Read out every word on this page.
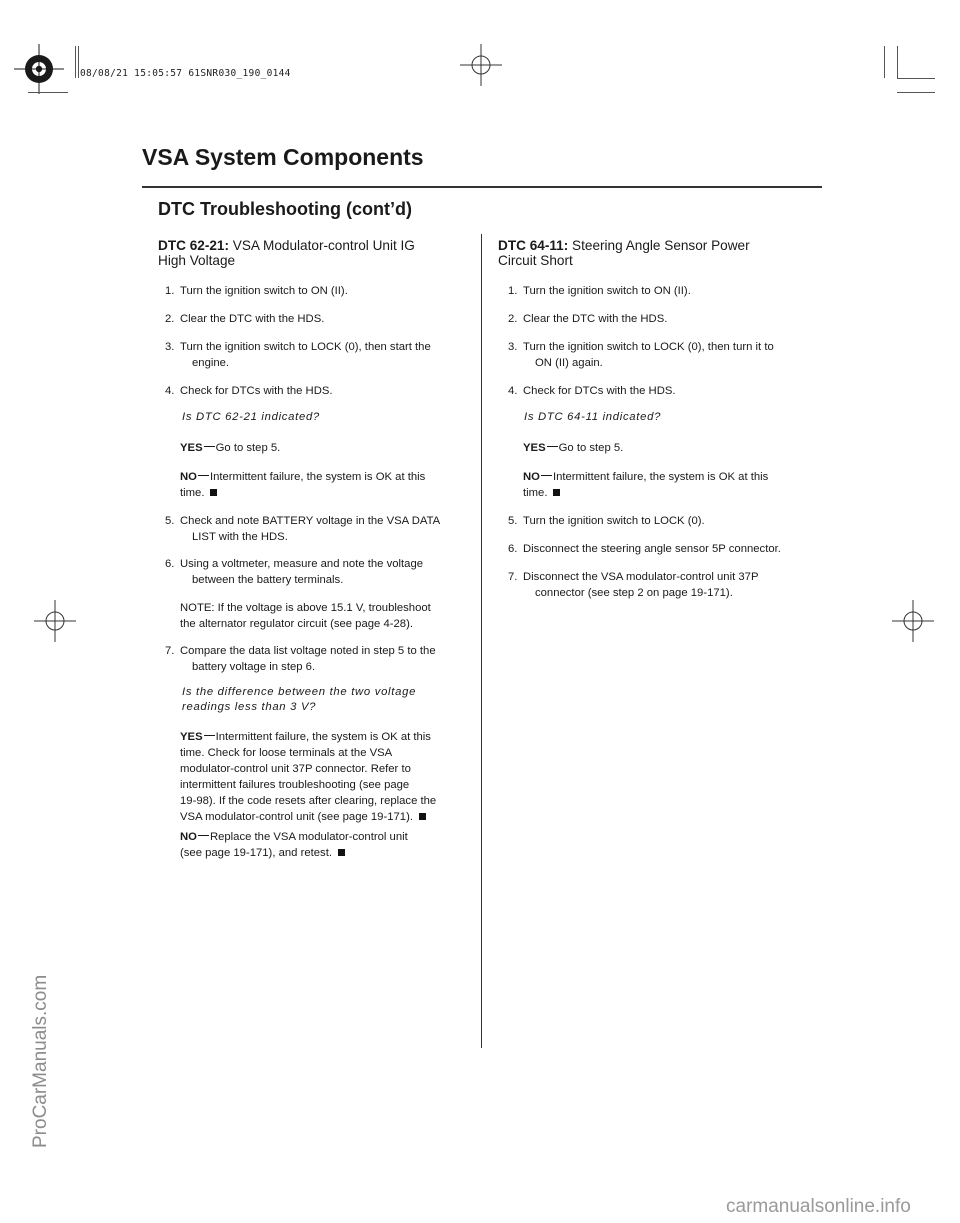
08/08/21 15:05:57 61SNR030_190_0144
ProCarManuals.com
carmanualsonline.info
VSA System Components
DTC Troubleshooting (cont’d)
DTC 62-21: VSA Modulator-control Unit IG
High Voltage
1. Turn the ignition switch to ON (II).
2. Clear the DTC with the HDS.
3. Turn the ignition switch to LOCK (0), then start the
engine.
4. Check for DTCs with the HDS.
Is DTC 62-21 indicated?
YES Go to step 5.
NO Intermittent failure, the system is OK at this
time.
5. Check and note BATTERY voltage in the VSA DATA
LIST with the HDS.
6. Using a voltmeter, measure and note the voltage
between the battery terminals.
NOTE: If the voltage is above 15.1 V, troubleshoot
the alternator regulator circuit (see page 4-28).
7. Compare the data list voltage noted in step 5 to the
battery voltage in step 6.
Is the difference between the two voltage
readings less than 3 V?
YES Intermittent failure, the system is OK at this
time. Check for loose terminals at the VSA
modulator-control unit 37P connector. Refer to
intermittent failures troubleshooting (see page
19-98). If the code resets after clearing, replace the
VSA modulator-control unit (see page 19-171).
NO Replace the VSA modulator-control unit
(see page 19-171), and retest.
DTC 64-11: Steering Angle Sensor Power
Circuit Short
1. Turn the ignition switch to ON (II).
2. Clear the DTC with the HDS.
3. Turn the ignition switch to LOCK (0), then turn it to
ON (II) again.
4. Check for DTCs with the HDS.
Is DTC 64-11 indicated?
YES Go to step 5.
NO Intermittent failure, the system is OK at this
time.
5. Turn the ignition switch to LOCK (0).
6. Disconnect the steering angle sensor 5P connector.
7. Disconnect the VSA modulator-control unit 37P
connector (see step 2 on page 19-171).
